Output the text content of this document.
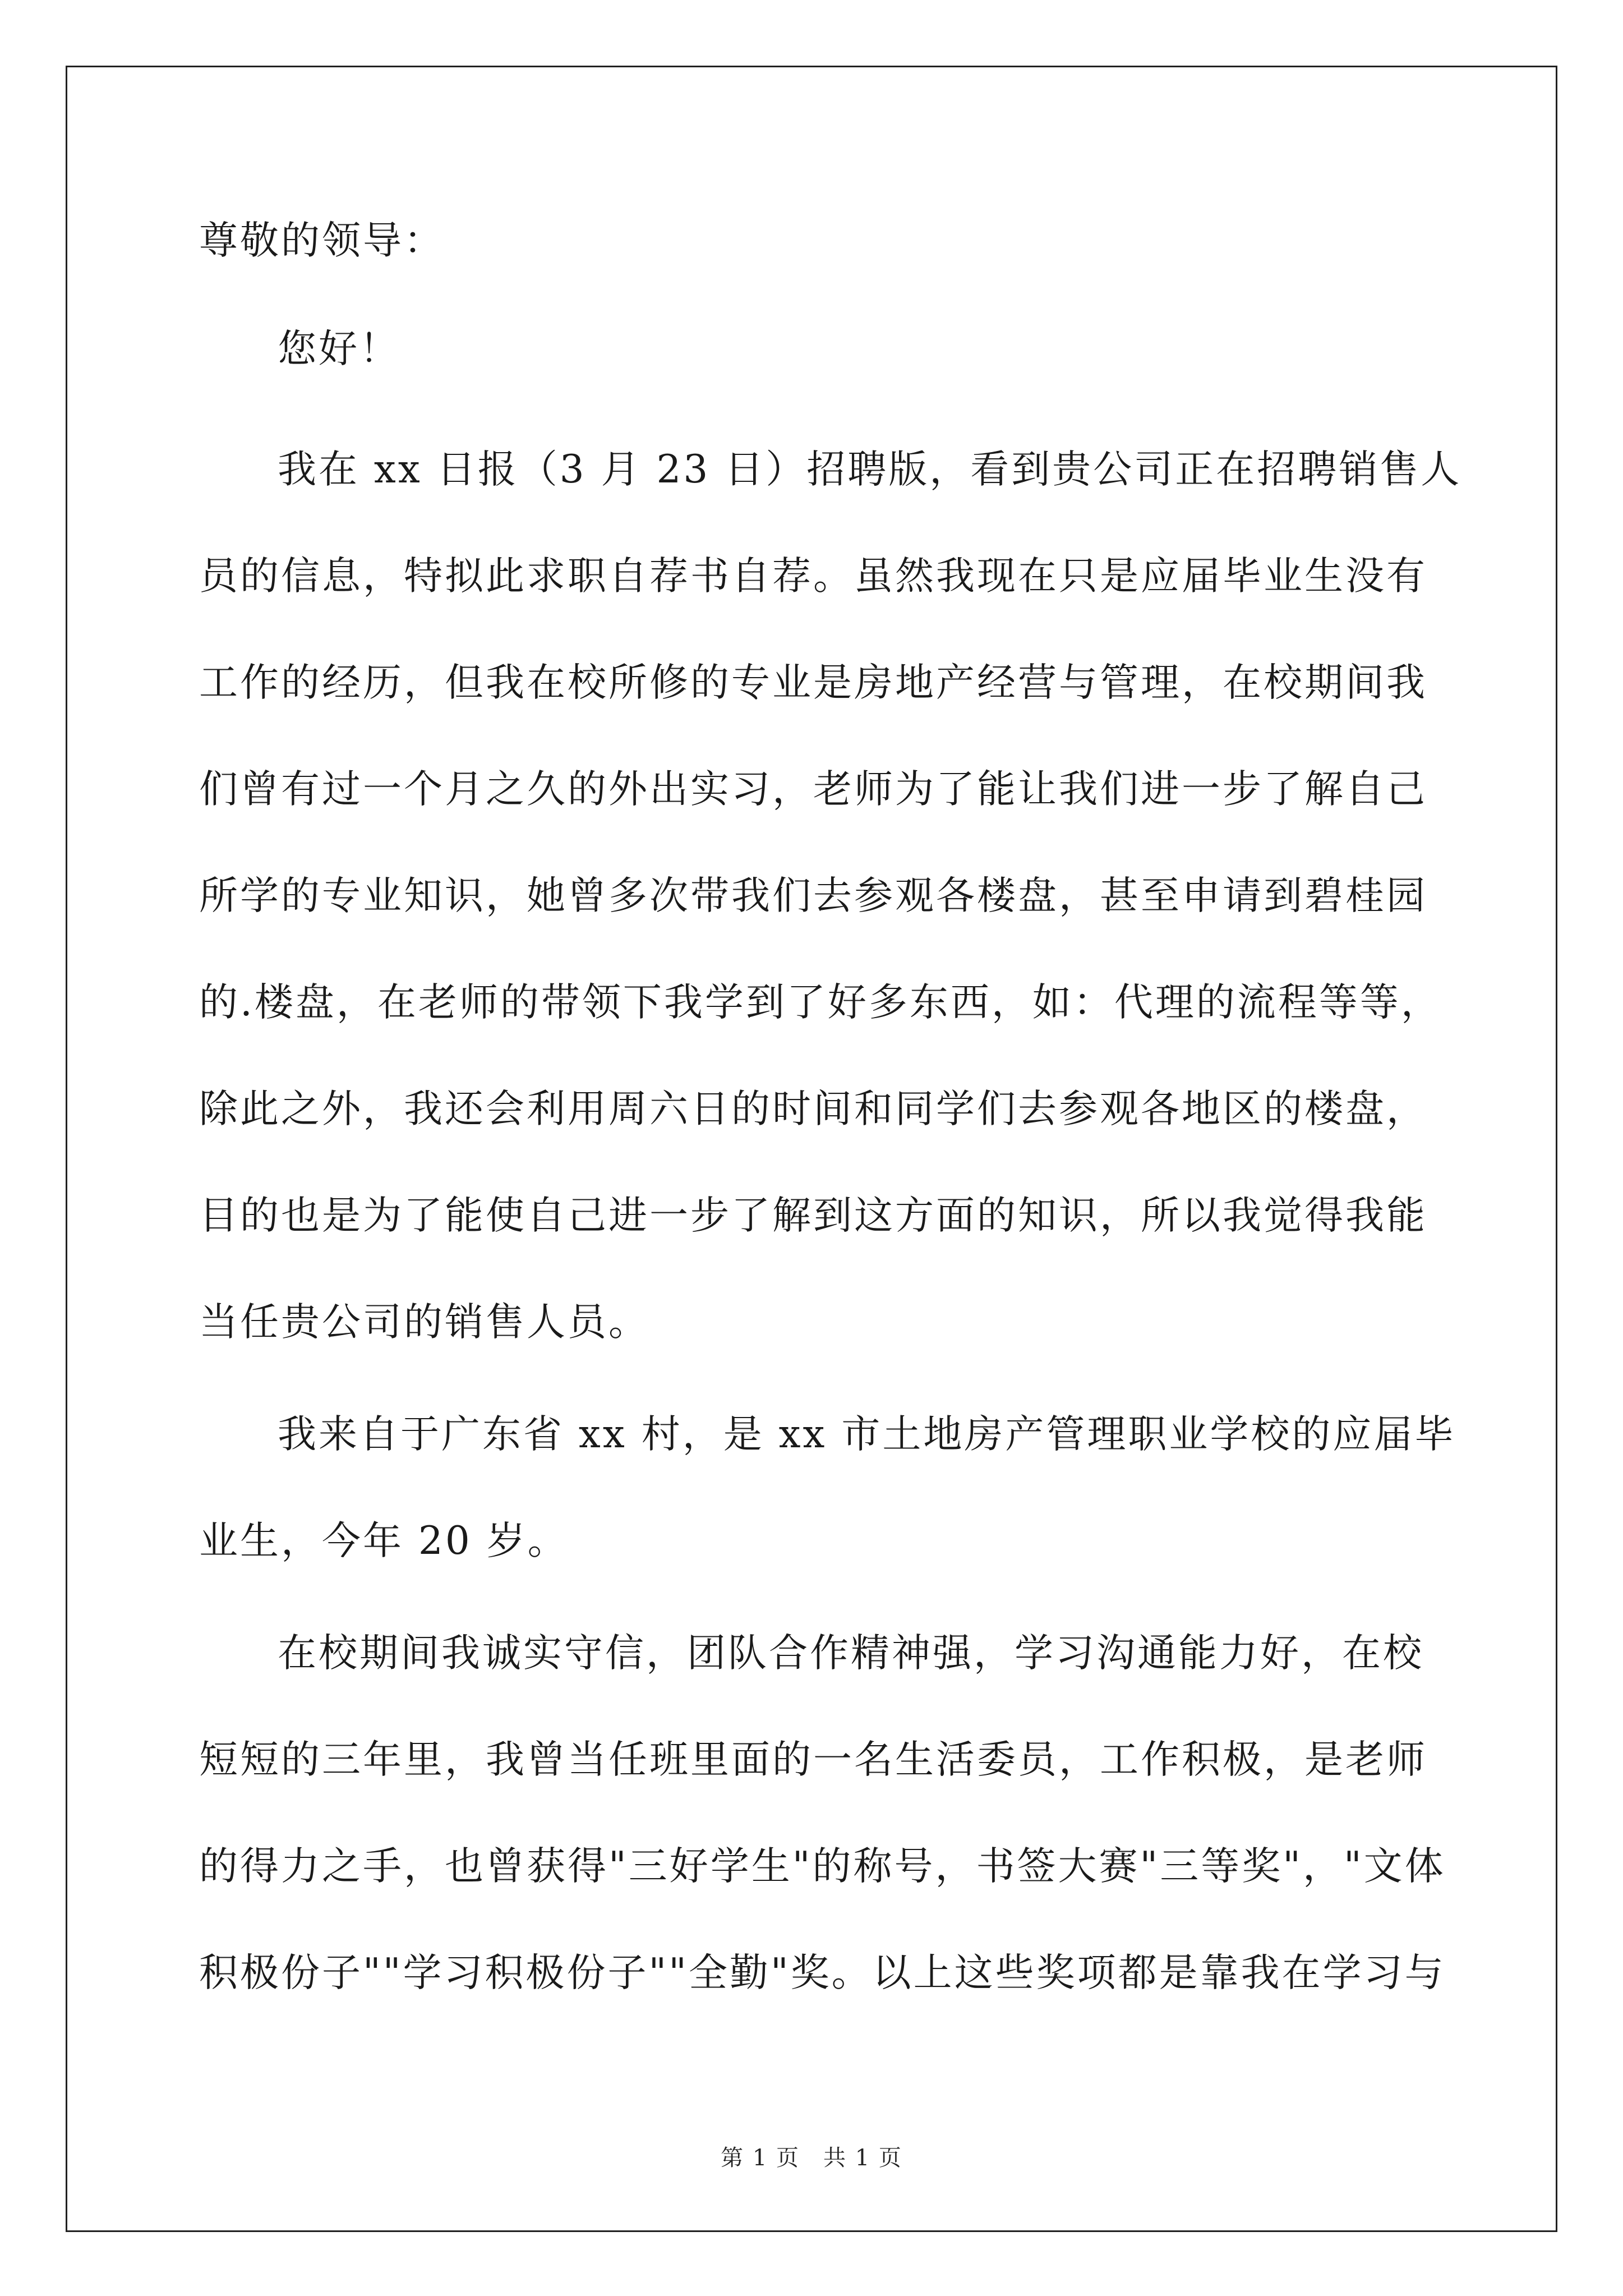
尊敬的领导：
您好！
我在 xx 日报（3 月 23 日）招聘版，看到贵公司正在招聘销售人
员的信息，特拟此求职自荐书自荐。虽然我现在只是应届毕业生没有
工作的经历，但我在校所修的专业是房地产经营与管理，在校期间我
们曾有过一个月之久的外出实习，老师为了能让我们进一步了解自己
所学的专业知识，她曾多次带我们去参观各楼盘，甚至申请到碧桂园
的.楼盘，在老师的带领下我学到了好多东西，如：代理的流程等等，
除此之外，我还会利用周六日的时间和同学们去参观各地区的楼盘，
目的也是为了能使自己进一步了解到这方面的知识，所以我觉得我能
当任贵公司的销售人员。
我来自于广东省 xx 村，是 xx 市土地房产管理职业学校的应届毕
业生，今年 20 岁。
在校期间我诚实守信，团队合作精神强，学习沟通能力好，在校
短短的三年里，我曾当任班里面的一名生活委员，工作积极，是老师
的得力之手，也曾获得"三好学生"的称号，书签大赛"三等奖"，"文体
积极份子""学习积极份子""全勤"奖。以上这些奖项都是靠我在学习与
第 1 页　共 1 页
